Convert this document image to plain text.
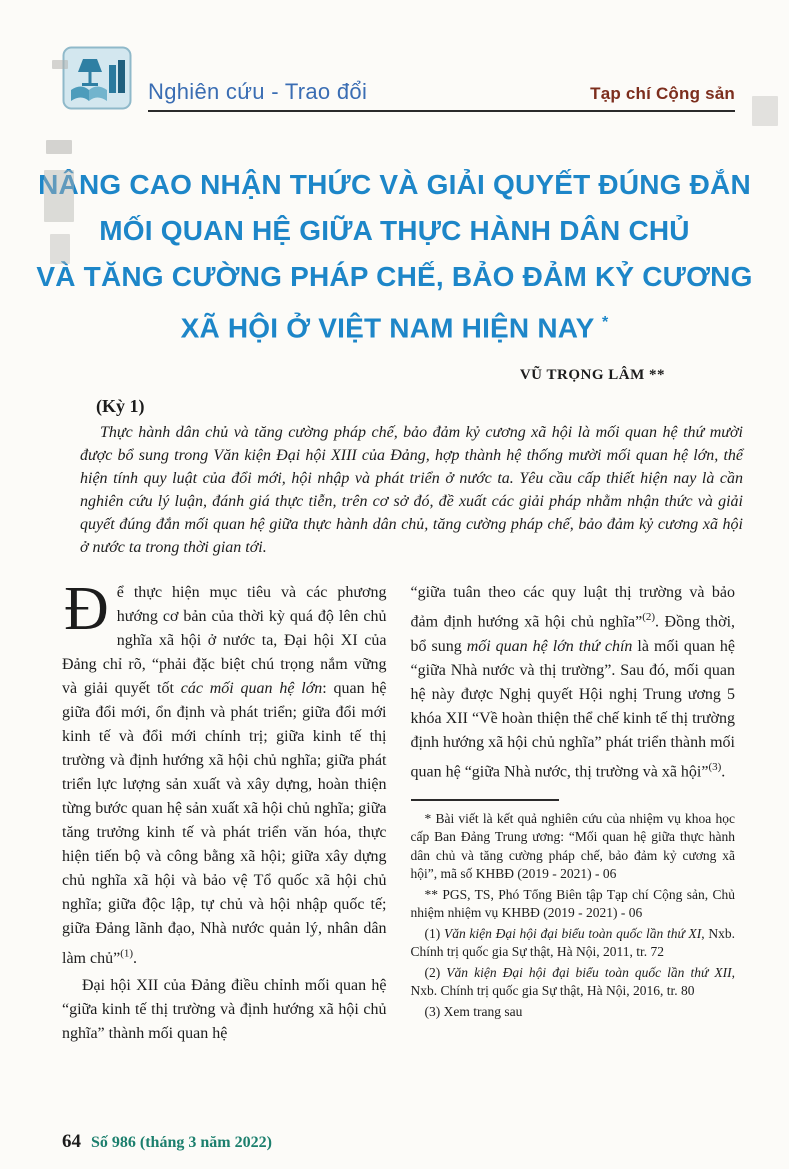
Nghiên cứu - Trao đổi	Tạp chí Cộng sản
NÂNG CAO NHẬN THỨC VÀ GIẢI QUYẾT ĐÚNG ĐẮN
MỐI QUAN HỆ GIỮA THỰC HÀNH DÂN CHỦ
VÀ TĂNG CƯỜNG PHÁP CHẾ, BẢO ĐẢM KỶ CƯƠNG
XÃ HỘI Ở VIỆT NAM HIỆN NAY *
VŨ TRỌNG LÂM **
(Kỳ 1)
Thực hành dân chủ và tăng cường pháp chế, bảo đảm kỷ cương xã hội là mối quan hệ thứ mười được bổ sung trong Văn kiện Đại hội XIII của Đảng, hợp thành hệ thống mười mối quan hệ lớn, thể hiện tính quy luật của đổi mới, hội nhập và phát triển ở nước ta. Yêu cầu cấp thiết hiện nay là cần nghiên cứu lý luận, đánh giá thực tiễn, trên cơ sở đó, đề xuất các giải pháp nhằm nhận thức và giải quyết đúng đắn mối quan hệ giữa thực hành dân chủ, tăng cường pháp chế, bảo đảm kỷ cương xã hội ở nước ta trong thời gian tới.

Để thực hiện mục tiêu và các phương hướng cơ bản của thời kỳ quá độ lên chủ nghĩa xã hội ở nước ta, Đại hội XI của Đảng chỉ rõ, “phải đặc biệt chú trọng nắm vững và giải quyết tốt các mối quan hệ lớn: quan hệ giữa đổi mới, ổn định và phát triển; giữa đổi mới kinh tế và đổi mới chính trị; giữa kinh tế thị trường và định hướng xã hội chủ nghĩa; giữa phát triển lực lượng sản xuất và xây dựng, hoàn thiện từng bước quan hệ sản xuất xã hội chủ nghĩa; giữa tăng trưởng kinh tế và phát triển văn hóa, thực hiện tiến bộ và công bằng xã hội; giữa xây dựng chủ nghĩa xã hội và bảo vệ Tổ quốc xã hội chủ nghĩa; giữa độc lập, tự chủ và hội nhập quốc tế; giữa Đảng lãnh đạo, Nhà nước quản lý, nhân dân làm chủ”$^{(1)}$.

Đại hội XII của Đảng điều chỉnh mối quan hệ “giữa kinh tế thị trường và định hướng xã hội chủ nghĩa” thành mối quan hệ

“giữa tuân theo các quy luật thị trường và bảo đảm định hướng xã hội chủ nghĩa”$^{(2)}$. Đồng thời, bổ sung mối quan hệ lớn thứ chín là mối quan hệ “giữa Nhà nước và thị trường”. Sau đó, mối quan hệ này được Nghị quyết Hội nghị Trung ương 5 khóa XII “Về hoàn thiện thể chế kinh tế thị trường định hướng xã hội chủ nghĩa” phát triển thành mối quan hệ “giữa Nhà nước, thị trường và xã hội”$^{(3)}$.

* Bài viết là kết quả nghiên cứu của nhiệm vụ khoa học cấp Ban Đảng Trung ương: “Mối quan hệ giữa thực hành dân chủ và tăng cường pháp chế, bảo đảm kỷ cương xã hội”, mã số KHBĐ (2019 - 2021) - 06

** PGS, TS, Phó Tổng Biên tập Tạp chí Cộng sản, Chủ nhiệm nhiệm vụ KHBĐ (2019 - 2021) - 06

(1) Văn kiện Đại hội đại biểu toàn quốc lần thứ XI, Nxb. Chính trị quốc gia Sự thật, Hà Nội, 2011, tr. 72

(2) Văn kiện Đại hội đại biểu toàn quốc lần thứ XII, Nxb. Chính trị quốc gia Sự thật, Hà Nội, 2016, tr. 80

(3) Xem trang sau

64 Số 986 (tháng 3 năm 2022)
